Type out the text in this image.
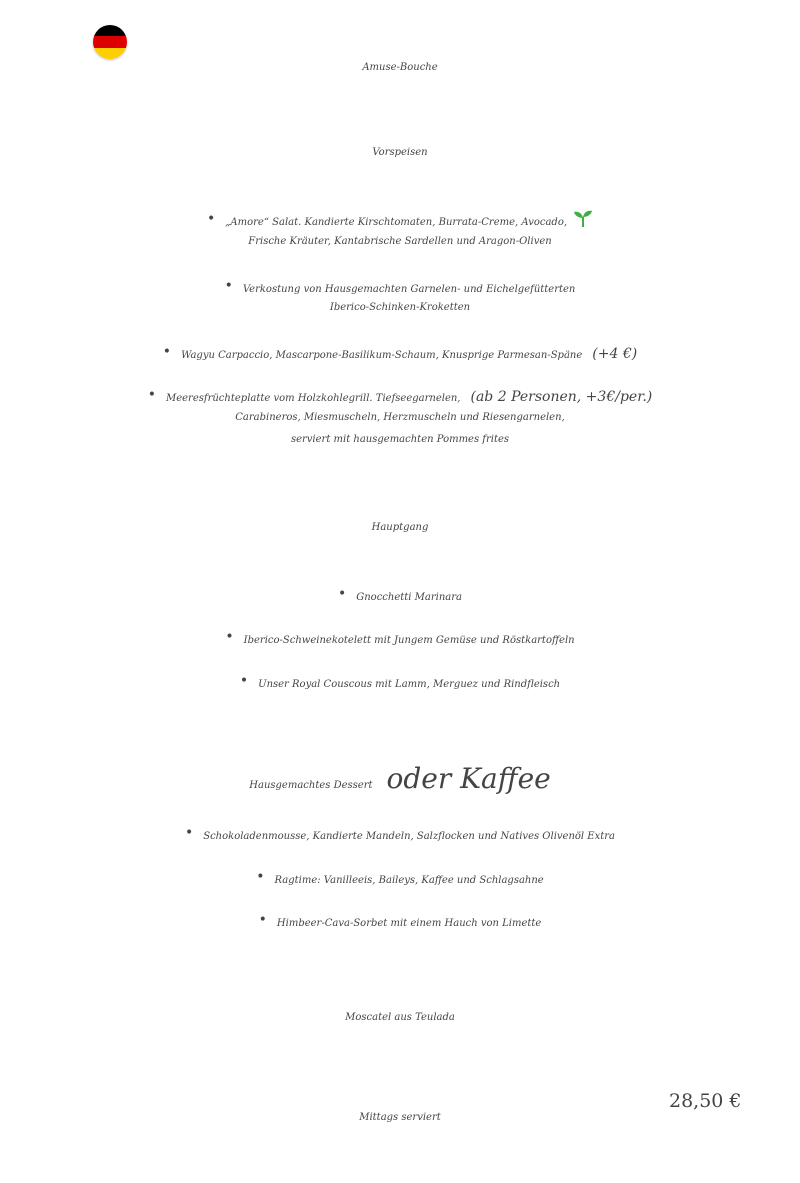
Amuse-Bouche
Vorspeisen
• „Amore“ Salat. Kandierte Kirschtomaten, Burrata-Creme, Avocado,
Frische Kräuter, Kantabrische Sardellen und Aragon-Oliven
• Verkostung von Hausgemachten Garnelen- und Eichelgefütterten
Iberico-Schinken-Kroketten
• Wagyu Carpaccio, Mascarpone-Basilikum-Schaum, Knusprige Parmesan-Späne (+4 €)
• Meeresfrüchteplatte vom Holzkohlegrill. Tiefseegarnelen, (ab 2 Personen, +3€/per.)
Carabineros, Miesmuscheln, Herzmuscheln und Riesengarnelen,
serviert mit hausgemachten Pommes frites
Hauptgang
• Gnocchetti Marinara
• Iberico-Schweinekotelett mit Jungem Gemüse und Röstkartoffeln
• Unser Royal Couscous mit Lamm, Merguez und Rindfleisch
Hausgemachtes Dessert oder Kaffee
• Schokoladenmousse, Kandierte Mandeln, Salzflocken und Natives Olivenöl Extra
• Ragtime: Vanilleeis, Baileys, Kaffee und Schlagsahne
• Himbeer-Cava-Sorbet mit einem Hauch von Limette
Moscatel aus Teulada
28,50 €
Mittags serviert
